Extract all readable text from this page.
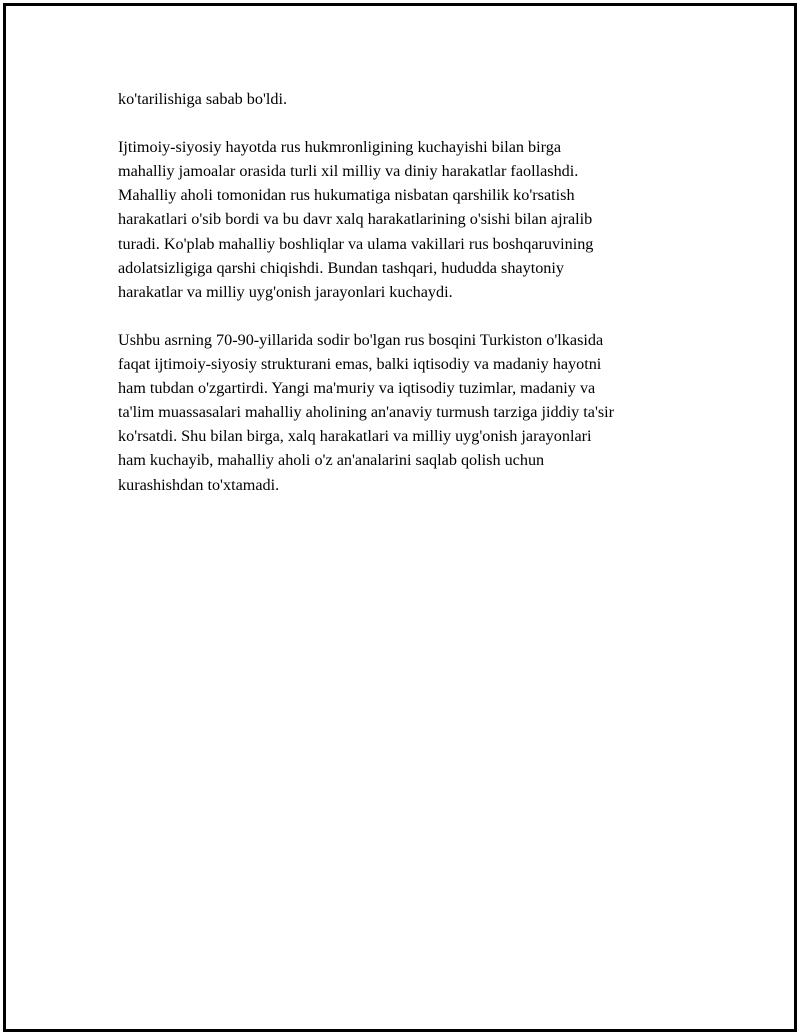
ko'tarilishiga sabab bo'ldi.

Ijtimoiy-siyosiy hayotda rus hukmronligining kuchayishi bilan birga
mahalliy jamoalar orasida turli xil milliy va diniy harakatlar faollashdi.
Mahalliy aholi tomonidan rus hukumatiga nisbatan qarshilik ko'rsatish
harakatlari o'sib bordi va bu davr xalq harakatlarining o'sishi bilan ajralib
turadi. Ko'plab mahalliy boshliqlar va ulama vakillari rus boshqaruvining
adolatsizligiga qarshi chiqishdi. Bundan tashqari, hududda shaytoniy
harakatlar va milliy uyg'onish jarayonlari kuchaydi.

Ushbu asrning 70-90-yillarida sodir bo'lgan rus bosqini Turkiston o'lkasida
faqat ijtimoiy-siyosiy strukturani emas, balki iqtisodiy va madaniy hayotni
ham tubdan o'zgartirdi. Yangi ma'muriy va iqtisodiy tuzimlar, madaniy va
ta'lim muassasalari mahalliy aholining an'anaviy turmush tarziga jiddiy ta'sir
ko'rsatdi. Shu bilan birga, xalq harakatlari va milliy uyg'onish jarayonlari
ham kuchayib, mahalliy aholi o'z an'analarini saqlab qolish uchun
kurashishdan to'xtamadi.
